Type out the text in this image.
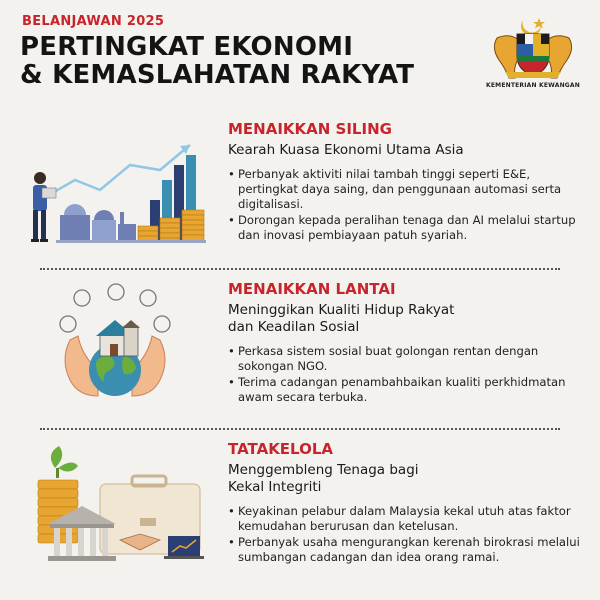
BELANJAWAN 2025
PERTINGKAT EKONOMI
& KEMASLAHATAN RAKYAT	KEMENTERIAN KEWANGAN
MENAIKKAN SILING
Kearah Kuasa Ekonomi Utama Asia
• Perbanyak aktiviti nilai tambah tinggi seperti E&E, pertingkat daya saing, dan penggunaan automasi serta digitalisasi.
• Dorongan kepada peralihan tenaga dan AI melalui startup dan inovasi pembiayaan patuh syariah.
MENAIKKAN LANTAI
Meninggikan Kualiti Hidup Rakyat
dan Keadilan Sosial
• Perkasa sistem sosial buat golongan rentan dengan sokongan NGO.
• Terima cadangan penambahbaikan kualiti perkhidmatan awam secara terbuka.
TATAKELOLA
Menggembleng Tenaga bagi
Kekal Integriti
• Keyakinan pelabur dalam Malaysia kekal utuh atas faktor kemudahan berurusan dan ketelusan.
• Perbanyak usaha mengurangkan kerenah birokrasi melalui sumbangan cadangan dan idea orang ramai.
